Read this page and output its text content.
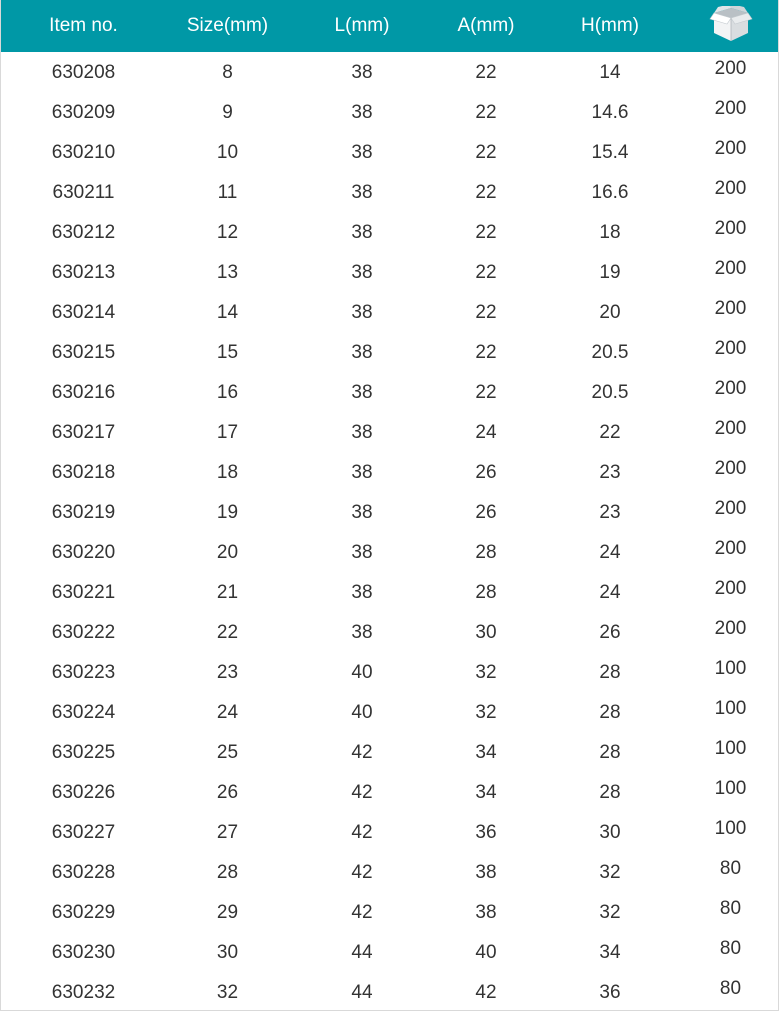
Item no.	Size(mm)	L(mm)	A(mm)	H(mm)
630208	8	38	22	14	200
630209	9	38	22	14.6	200
630210	10	38	22	15.4	200
630211	11	38	22	16.6	200
630212	12	38	22	18	200
630213	13	38	22	19	200
630214	14	38	22	20	200
630215	15	38	22	20.5	200
630216	16	38	22	20.5	200
630217	17	38	24	22	200
630218	18	38	26	23	200
630219	19	38	26	23	200
630220	20	38	28	24	200
630221	21	38	28	24	200
630222	22	38	30	26	200
630223	23	40	32	28	100
630224	24	40	32	28	100
630225	25	42	34	28	100
630226	26	42	34	28	100
630227	27	42	36	30	100
630228	28	42	38	32	80
630229	29	42	38	32	80
630230	30	44	40	34	80
630232	32	44	42	36	80
